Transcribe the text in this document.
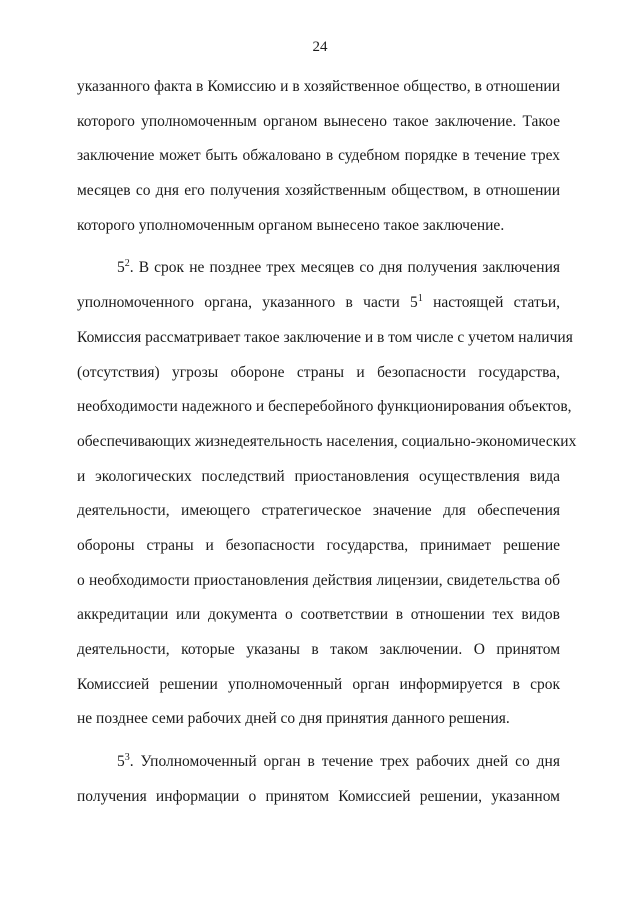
24
указанного факта в Комиссию и в хозяйственное общество, в отношении
которого уполномоченным органом вынесено такое заключение. Такое
заключение может быть обжаловано в судебном порядке в течение трех
месяцев со дня его получения хозяйственным обществом, в отношении
которого уполномоченным органом вынесено такое заключение.
$5^2$. В срок не позднее трех месяцев со дня получения заключения
уполномоченного органа, указанного в части $5^1$ настоящей статьи,
Комиссия рассматривает такое заключение и в том числе с учетом наличия
(отсутствия) угрозы обороне страны и безопасности государства,
необходимости надежного и бесперебойного функционирования объектов,
обеспечивающих жизнедеятельность населения, социально-экономических
и экологических последствий приостановления осуществления вида
деятельности, имеющего стратегическое значение для обеспечения
обороны страны и безопасности государства, принимает решение
о необходимости приостановления действия лицензии, свидетельства об
аккредитации или документа о соответствии в отношении тех видов
деятельности, которые указаны в таком заключении. О принятом
Комиссией решении уполномоченный орган информируется в срок
не позднее семи рабочих дней со дня принятия данного решения.
$5^3$. Уполномоченный орган в течение трех рабочих дней со дня
получения информации о принятом Комиссией решении, указанном
